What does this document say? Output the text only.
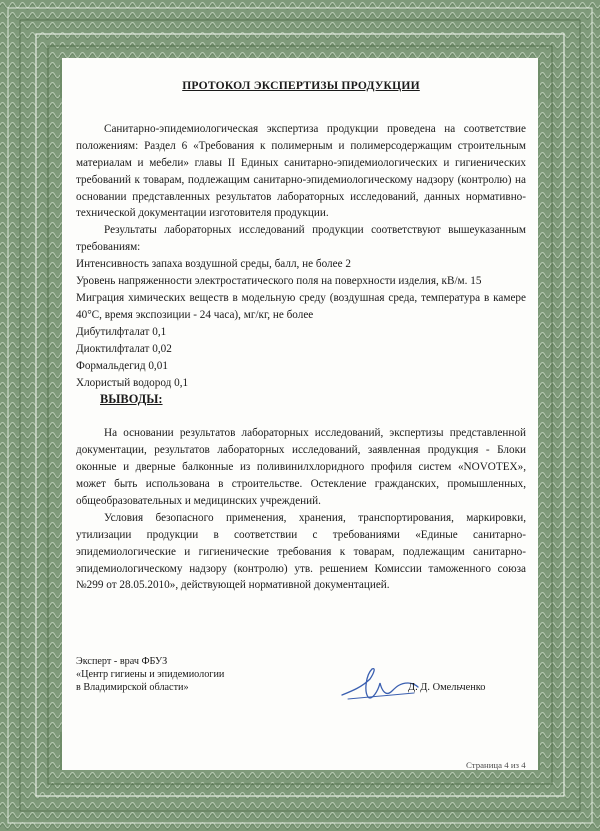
ПРОТОКОЛ ЭКСПЕРТИЗЫ ПРОДУКЦИИ

Санитарно-эпидемиологическая экспертиза продукции проведена на соответствие положениям: Раздел 6 «Требования к полимерным и полимерсодержащим строительным материалам и мебели» главы II Единых санитарно-эпидемиологических и гигиенических требований к товарам, подлежащим санитарно-эпидемиологическому надзору (контролю) на основании представленных результатов лабораторных исследований, данных нормативно-технической документации изготовителя продукции.

Результаты лабораторных исследований продукции соответствуют вышеуказанным требованиям:

Интенсивность запаха воздушной среды, балл, не более 2

Уровень напряженности электростатического поля на поверхности изделия, кВ/м. 15

Миграция химических веществ в модельную среду (воздушная среда, температура в камере 40°С, время экспозиции - 24 часа), мг/кг, не более

Дибутилфталат 0,1

Диоктилфталат 0,02

Формальдегид 0,01

Хлористый водород 0,1

ВЫВОДЫ:

На основании результатов лабораторных исследований, экспертизы представленной документации, результатов лабораторных исследований, заявленная продукция - Блоки оконные и дверные балконные из поливинилхлоридного профиля систем «NOVOTEX», может быть использована в строительстве. Остекление гражданских, промышленных, общеобразовательных и медицинских учреждений.

Условия безопасного применения, хранения, транспортирования, маркировки, утилизации продукции в соответствии с требованиями «Единые санитарно-эпидемиологические и гигиенические требования к товарам, подлежащим санитарно-эпидемиологическому надзору (контролю) утв. решением Комиссии таможенного союза №299 от 28.05.2010», действующей нормативной документацией.

Эксперт - врач ФБУЗ
«Центр гигиены и эпидемиологии
в Владимирской области»	Д. Д. Омельченко
Страница 4 из 4
